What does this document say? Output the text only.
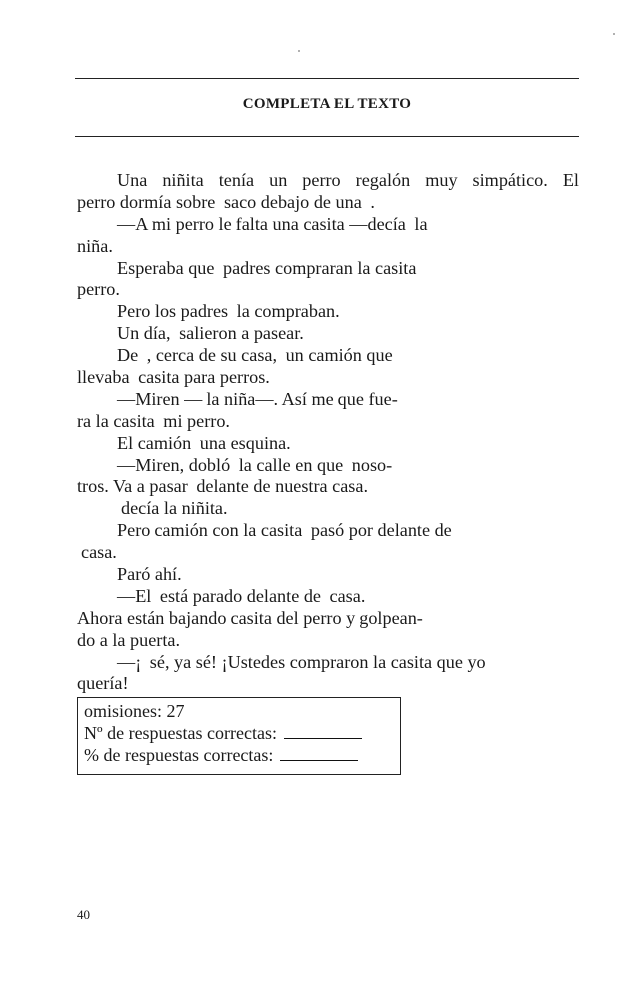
COMPLETA EL TEXTO
Una niñita tenía un perro regalón muy simpático. El
perro dormía sobre saco debajo de una .
—A mi perro le falta una casita —decía la
niña.
Esperaba que padres compraran la casita
perro.
Pero los padres la compraban.
Un día, salieron a pasear.
De , cerca de su casa, un camión que
llevaba casita para perros.
—Miren — la niña—. Así me que fue-
ra la casita mi perro.
El camión una esquina.
—Miren, dobló la calle en que noso-
tros. Va a pasar delante de nuestra casa.
decía la niñita.
Pero camión con la casita pasó por delante de
casa.
Paró ahí.
—El está parado delante de casa.
Ahora están bajando casita del perro y golpean-
do a la puerta.
—¡ sé, ya sé! ¡Ustedes compraron la casita que yo
quería!
omisiones: 27
Nº de respuestas correctas:
% de respuestas correctas:
40
